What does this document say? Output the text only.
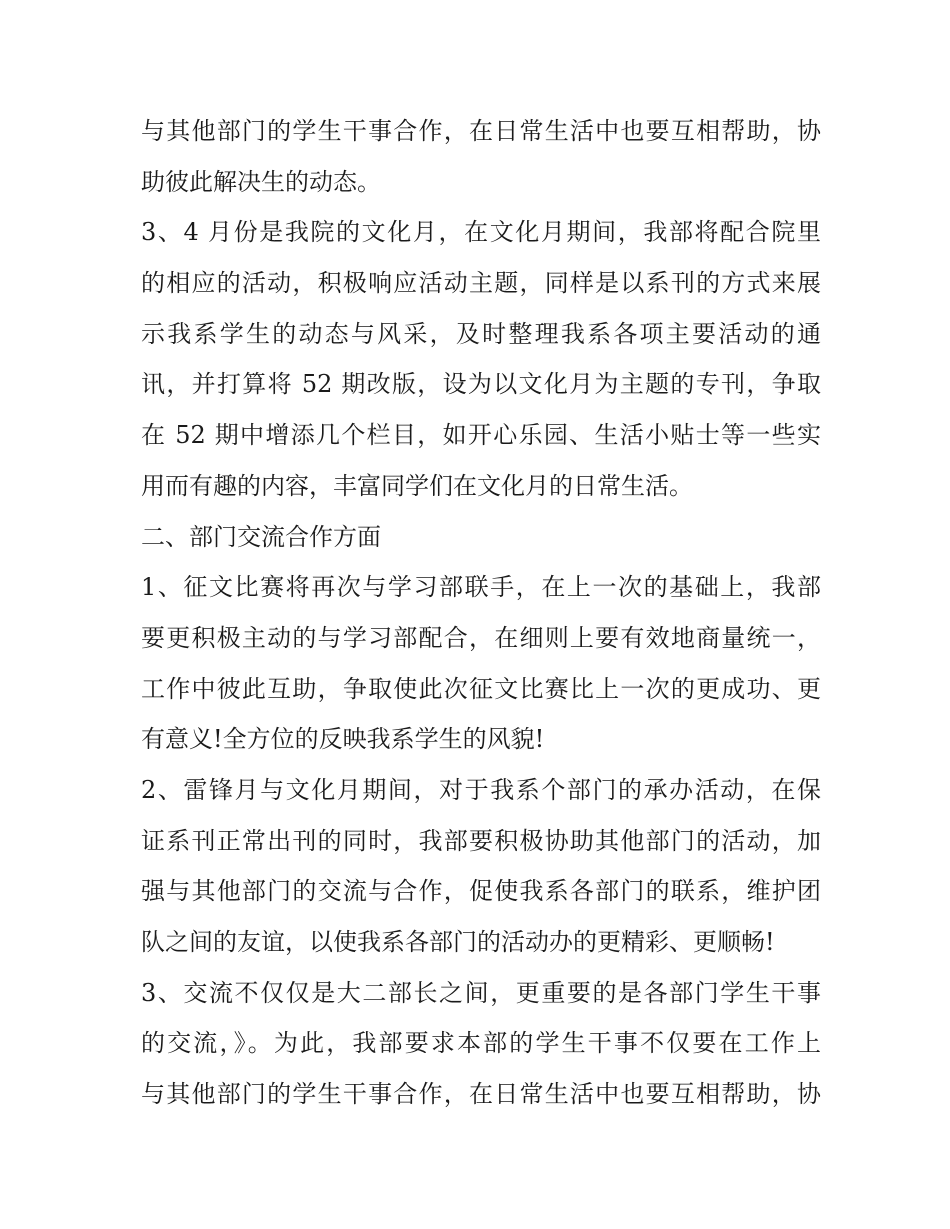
与其他部门的学生干事合作，在日常生活中也要互相帮助，协
助彼此解决生的动态。
3、4 月份是我院的文化月，在文化月期间，我部将配合院里
的相应的活动，积极响应活动主题，同样是以系刊的方式来展
示我系学生的动态与风采，及时整理我系各项主要活动的通
讯，并打算将 52 期改版，设为以文化月为主题的专刊，争取
在 52 期中增添几个栏目，如开心乐园、生活小贴士等一些实
用而有趣的内容，丰富同学们在文化月的日常生活。
二、部门交流合作方面
1、征文比赛将再次与学习部联手，在上一次的基础上，我部
要更积极主动的与学习部配合，在细则上要有效地商量统一，
工作中彼此互助，争取使此次征文比赛比上一次的更成功、更
有意义!全方位的反映我系学生的风貌!
2、雷锋月与文化月期间，对于我系个部门的承办活动，在保
证系刊正常出刊的同时，我部要积极协助其他部门的活动，加
强与其他部门的交流与合作，促使我系各部门的联系，维护团
队之间的友谊，以使我系各部门的活动办的更精彩、更顺畅!
3、交流不仅仅是大二部长之间，更重要的是各部门学生干事
的交流，》。为此，我部要求本部的学生干事不仅要在工作上
与其他部门的学生干事合作，在日常生活中也要互相帮助，协
